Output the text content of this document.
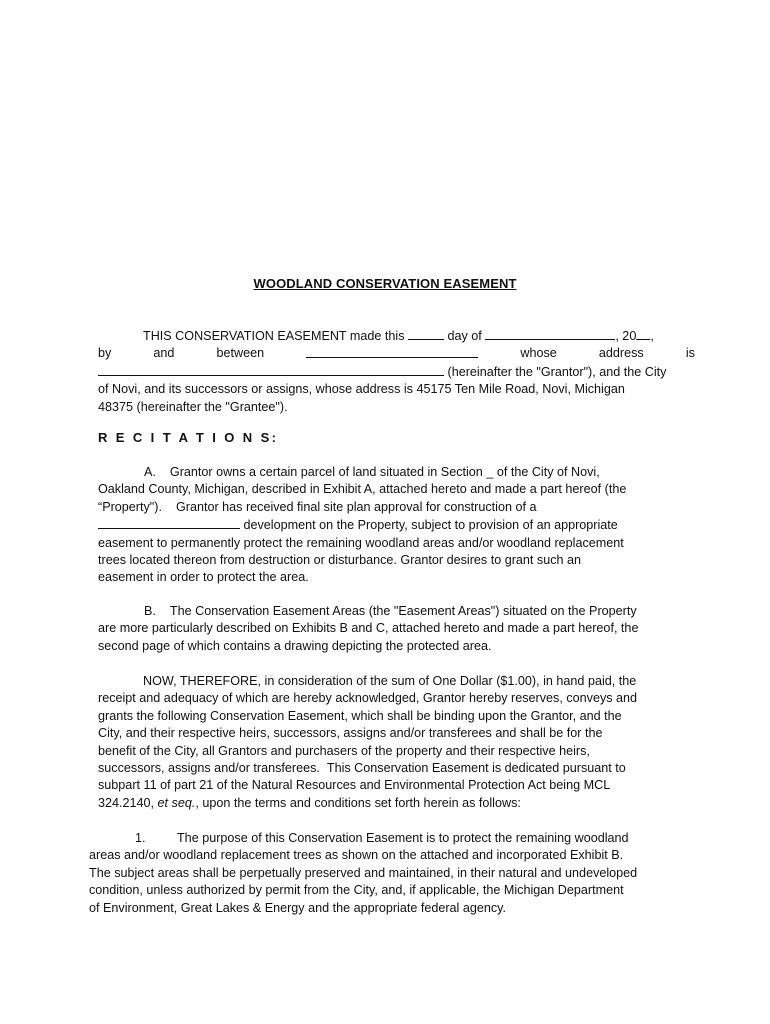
WOODLAND CONSERVATION EASEMENT
THIS CONSERVATION EASEMENT made this	day of	, 20 ,
by	and	between	whose	address	is
(hereinafter the "Grantor"), and the City
of Novi, and its successors or assigns, whose address is 45175 Ten Mile Road, Novi, Michigan
48375 (hereinafter the "Grantee").
R E C I T A T I O N S:
A.    Grantor owns a certain parcel of land situated in Section _ of the City of Novi,
Oakland County, Michigan, described in Exhibit A, attached hereto and made a part hereof (the
“Property").    Grantor has received final site plan approval for construction of a
development on the Property, subject to provision of an appropriate
easement to permanently protect the remaining woodland areas and/or woodland replacement
trees located thereon from destruction or disturbance. Grantor desires to grant such an
easement in order to protect the area.
B.    The Conservation Easement Areas (the "Easement Areas") situated on the Property
are more particularly described on Exhibits B and C, attached hereto and made a part hereof, the
second page of which contains a drawing depicting the protected area.
NOW, THEREFORE, in consideration of the sum of One Dollar ($1.00), in hand paid, the
receipt and adequacy of which are hereby acknowledged, Grantor hereby reserves, conveys and
grants the following Conservation Easement, which shall be binding upon the Grantor, and the
City, and their respective heirs, successors, assigns and/or transferees and shall be for the
benefit of the City, all Grantors and purchasers of the property and their respective heirs,
successors, assigns and/or transferees.  This Conservation Easement is dedicated pursuant to
subpart 11 of part 21 of the Natural Resources and Environmental Protection Act being MCL
324.2140, et seq., upon the terms and conditions set forth herein as follows:
1.         The purpose of this Conservation Easement is to protect the remaining woodland
areas and/or woodland replacement trees as shown on the attached and incorporated Exhibit B.
The subject areas shall be perpetually preserved and maintained, in their natural and undeveloped
condition, unless authorized by permit from the City, and, if applicable, the Michigan Department
of Environment, Great Lakes & Energy and the appropriate federal agency.
